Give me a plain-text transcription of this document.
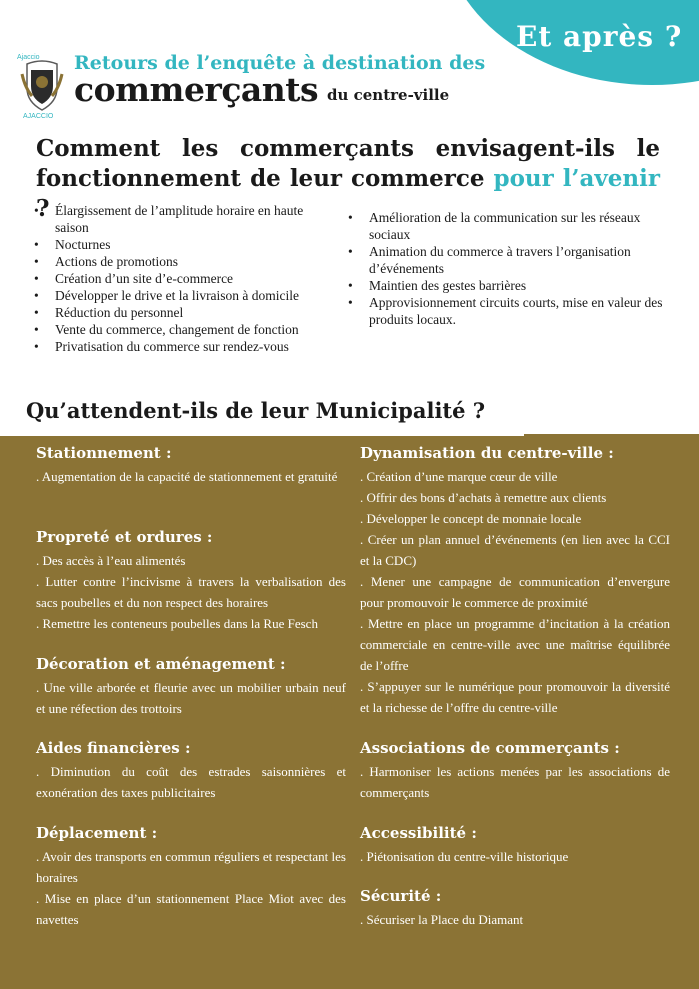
Et après ?
Ajaccio
AJACCIO
Retours de l’enquête à destination des
commerçants du centre-ville
Comment les commerçants envisagent-ils le
fonctionnement de leur commerce pour l’avenir ?
• Élargissement de l’amplitude horaire en haute saison
• Nocturnes
• Actions de promotions
• Création d’un site d’e-commerce
• Développer le drive et la livraison à domicile
• Réduction du personnel
• Vente du commerce, changement de fonction
• Privatisation du commerce sur rendez-vous
• Amélioration de la communication sur les réseaux sociaux
• Animation du commerce à travers l’organisation d’événements
• Maintien des gestes barrières
• Approvisionnement circuits courts, mise en valeur des produits locaux.
Qu’attendent-ils de leur Municipalité ?
Stationnement :

. Augmentation de la capacité de stationnement et gratuité

Propreté et ordures :

. Des accès à l’eau alimentés

. Lutter contre l’incivisme à travers la verbalisation des sacs poubelles et du non respect des horaires

. Remettre les conteneurs poubelles dans la Rue Fesch

Décoration et aménagement :

. Une ville arborée et fleurie avec un mobilier urbain neuf et une réfection des trottoirs

Aides financières :

. Diminution du coût des estrades saisonnières et exonération des taxes publicitaires

Déplacement :

. Avoir des transports en commun réguliers et respectant les horaires

. Mise en place d’un stationnement Place Miot avec des navettes

Dynamisation du centre-ville :

. Création d’une marque cœur de ville

. Offrir des bons d’achats à remettre aux clients

. Développer le concept de monnaie locale

. Créer un plan annuel d’événements (en lien avec la CCI et la CDC)

. Mener une campagne de communication d’envergure pour promouvoir le commerce de proximité

. Mettre en place un programme d’incitation à la création commerciale en centre-ville avec une maîtrise équilibrée de l’offre

. S’appuyer sur le numérique pour promouvoir la diversité et la richesse de l’offre du centre-ville

Associations de commerçants :

. Harmoniser les actions menées par les associations de commerçants

Accessibilité :

. Piétonisation du centre-ville historique

Sécurité :

. Sécuriser la Place du Diamant
